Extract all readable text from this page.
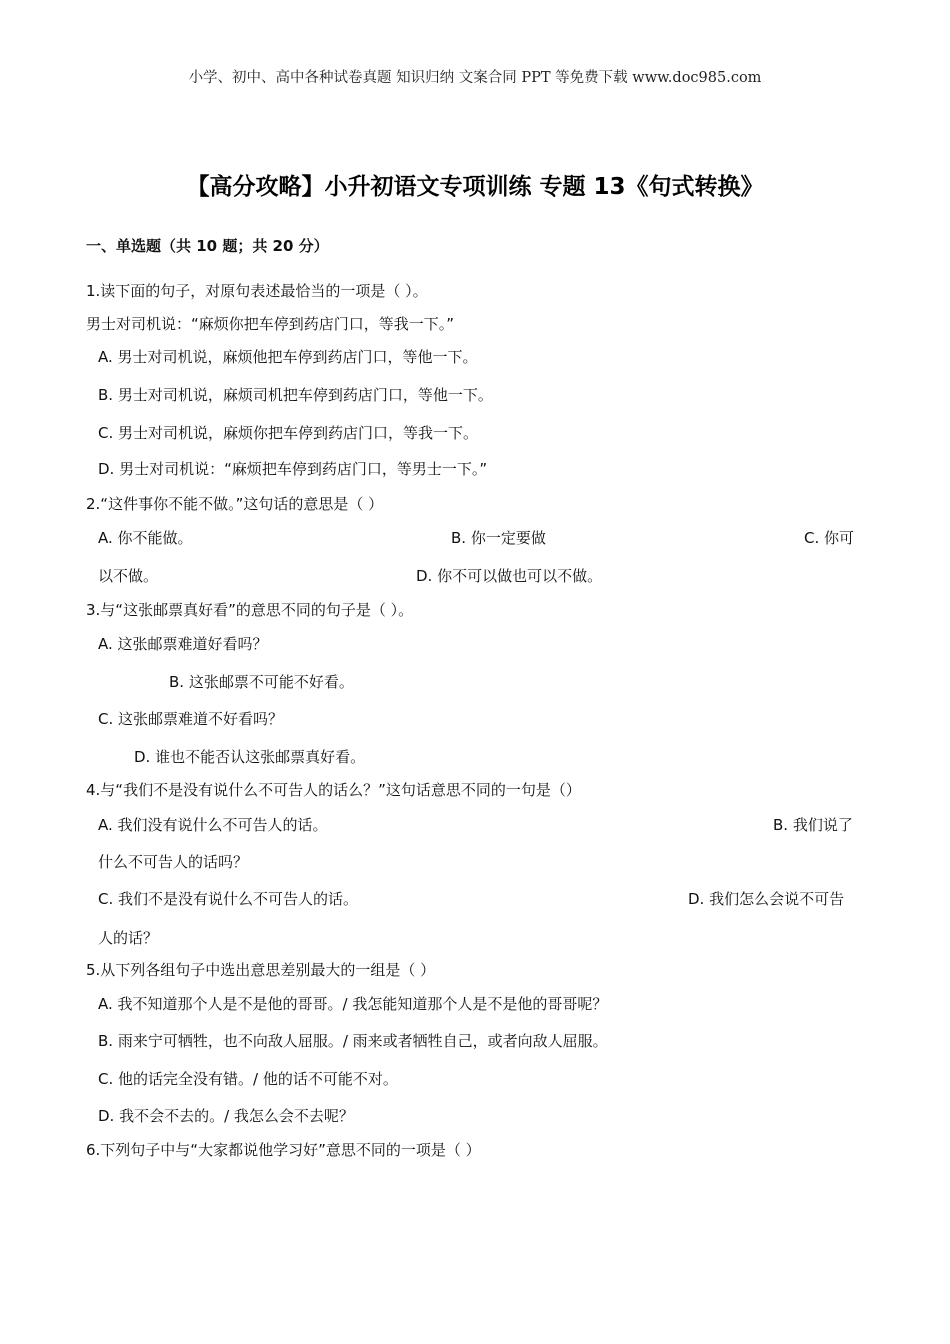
小学、初中、高中各种试卷真题 知识归纳 文案合同 PPT 等免费下载 www.doc985.com
【高分攻略】小升初语文专项训练 专题 13《句式转换》
一、单选题（共 10 题；共 20 分）
1.读下面的句子，对原句表述最恰当的一项是（ ）。
男士对司机说：“麻烦你把车停到药店门口，等我一下。”
A. 男士对司机说，麻烦他把车停到药店门口，等他一下。
B. 男士对司机说，麻烦司机把车停到药店门口，等他一下。
C. 男士对司机说，麻烦你把车停到药店门口，等我一下。
D. 男士对司机说：“麻烦把车停到药店门口，等男士一下。”
2.“这件事你不能不做。”这句话的意思是（ ）
A. 你不能做。	B. 你一定要做	C. 你可
以不做。	D. 你不可以做也可以不做。
3.与“这张邮票真好看”的意思不同的句子是（ ）。
A. 这张邮票难道好看吗？
B. 这张邮票不可能不好看。
C. 这张邮票难道不好看吗？
D. 谁也不能否认这张邮票真好看。
4.与“我们不是没有说什么不可告人的话么？”这句话意思不同的一句是（）
A. 我们没有说什么不可告人的话。	B. 我们说了
什么不可告人的话吗？
C. 我们不是没有说什么不可告人的话。	D. 我们怎么会说不可告
人的话？
5.从下列各组句子中选出意思差别最大的一组是（ ）
A. 我不知道那个人是不是他的哥哥。/ 我怎能知道那个人是不是他的哥哥呢？
B. 雨来宁可牺牲，也不向敌人屈服。/ 雨来或者牺牲自己，或者向敌人屈服。
C. 他的话完全没有错。/ 他的话不可能不对。
D. 我不会不去的。/ 我怎么会不去呢？
6.下列句子中与“大家都说他学习好”意思不同的一项是（ ）
